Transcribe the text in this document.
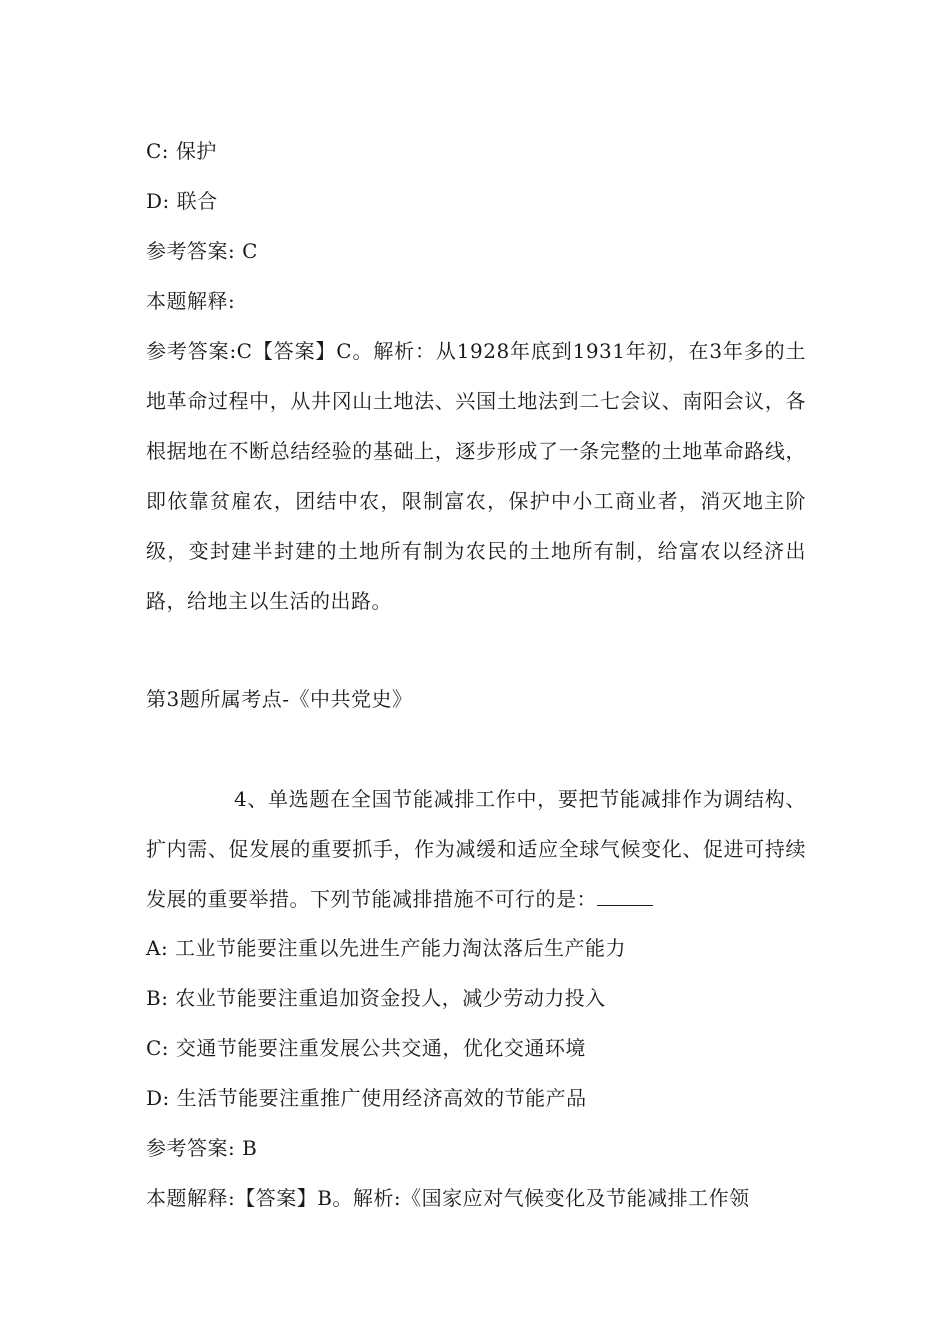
C: 保护
D: 联合
参考答案: C
本题解释:
参考答案:C【答案】C。解析：从1928年底到1931年初，在3年多的土地革命过程中，从井冈山土地法、兴国土地法到二七会议、南阳会议，各根据地在不断总结经验的基础上，逐步形成了一条完整的土地革命路线，即依靠贫雇农，团结中农，限制富农，保护中小工商业者，消灭地主阶级，变封建半封建的土地所有制为农民的土地所有制，给富农以经济出路，给地主以生活的出路。
第3题所属考点-《中共党史》
4、单选题在全国节能减排工作中，要把节能减排作为调结构、扩内需、促发展的重要抓手，作为减缓和适应全球气候变化、促进可持续发展的重要举措。下列节能减排措施不可行的是：
A: 工业节能要注重以先进生产能力淘汰落后生产能力
B: 农业节能要注重追加资金投人，减少劳动力投入
C: 交通节能要注重发展公共交通，优化交通环境
D: 生活节能要注重推广使用经济高效的节能产品
参考答案: B
本题解释:【答案】B。解析:《国家应对气候变化及节能减排工作领
